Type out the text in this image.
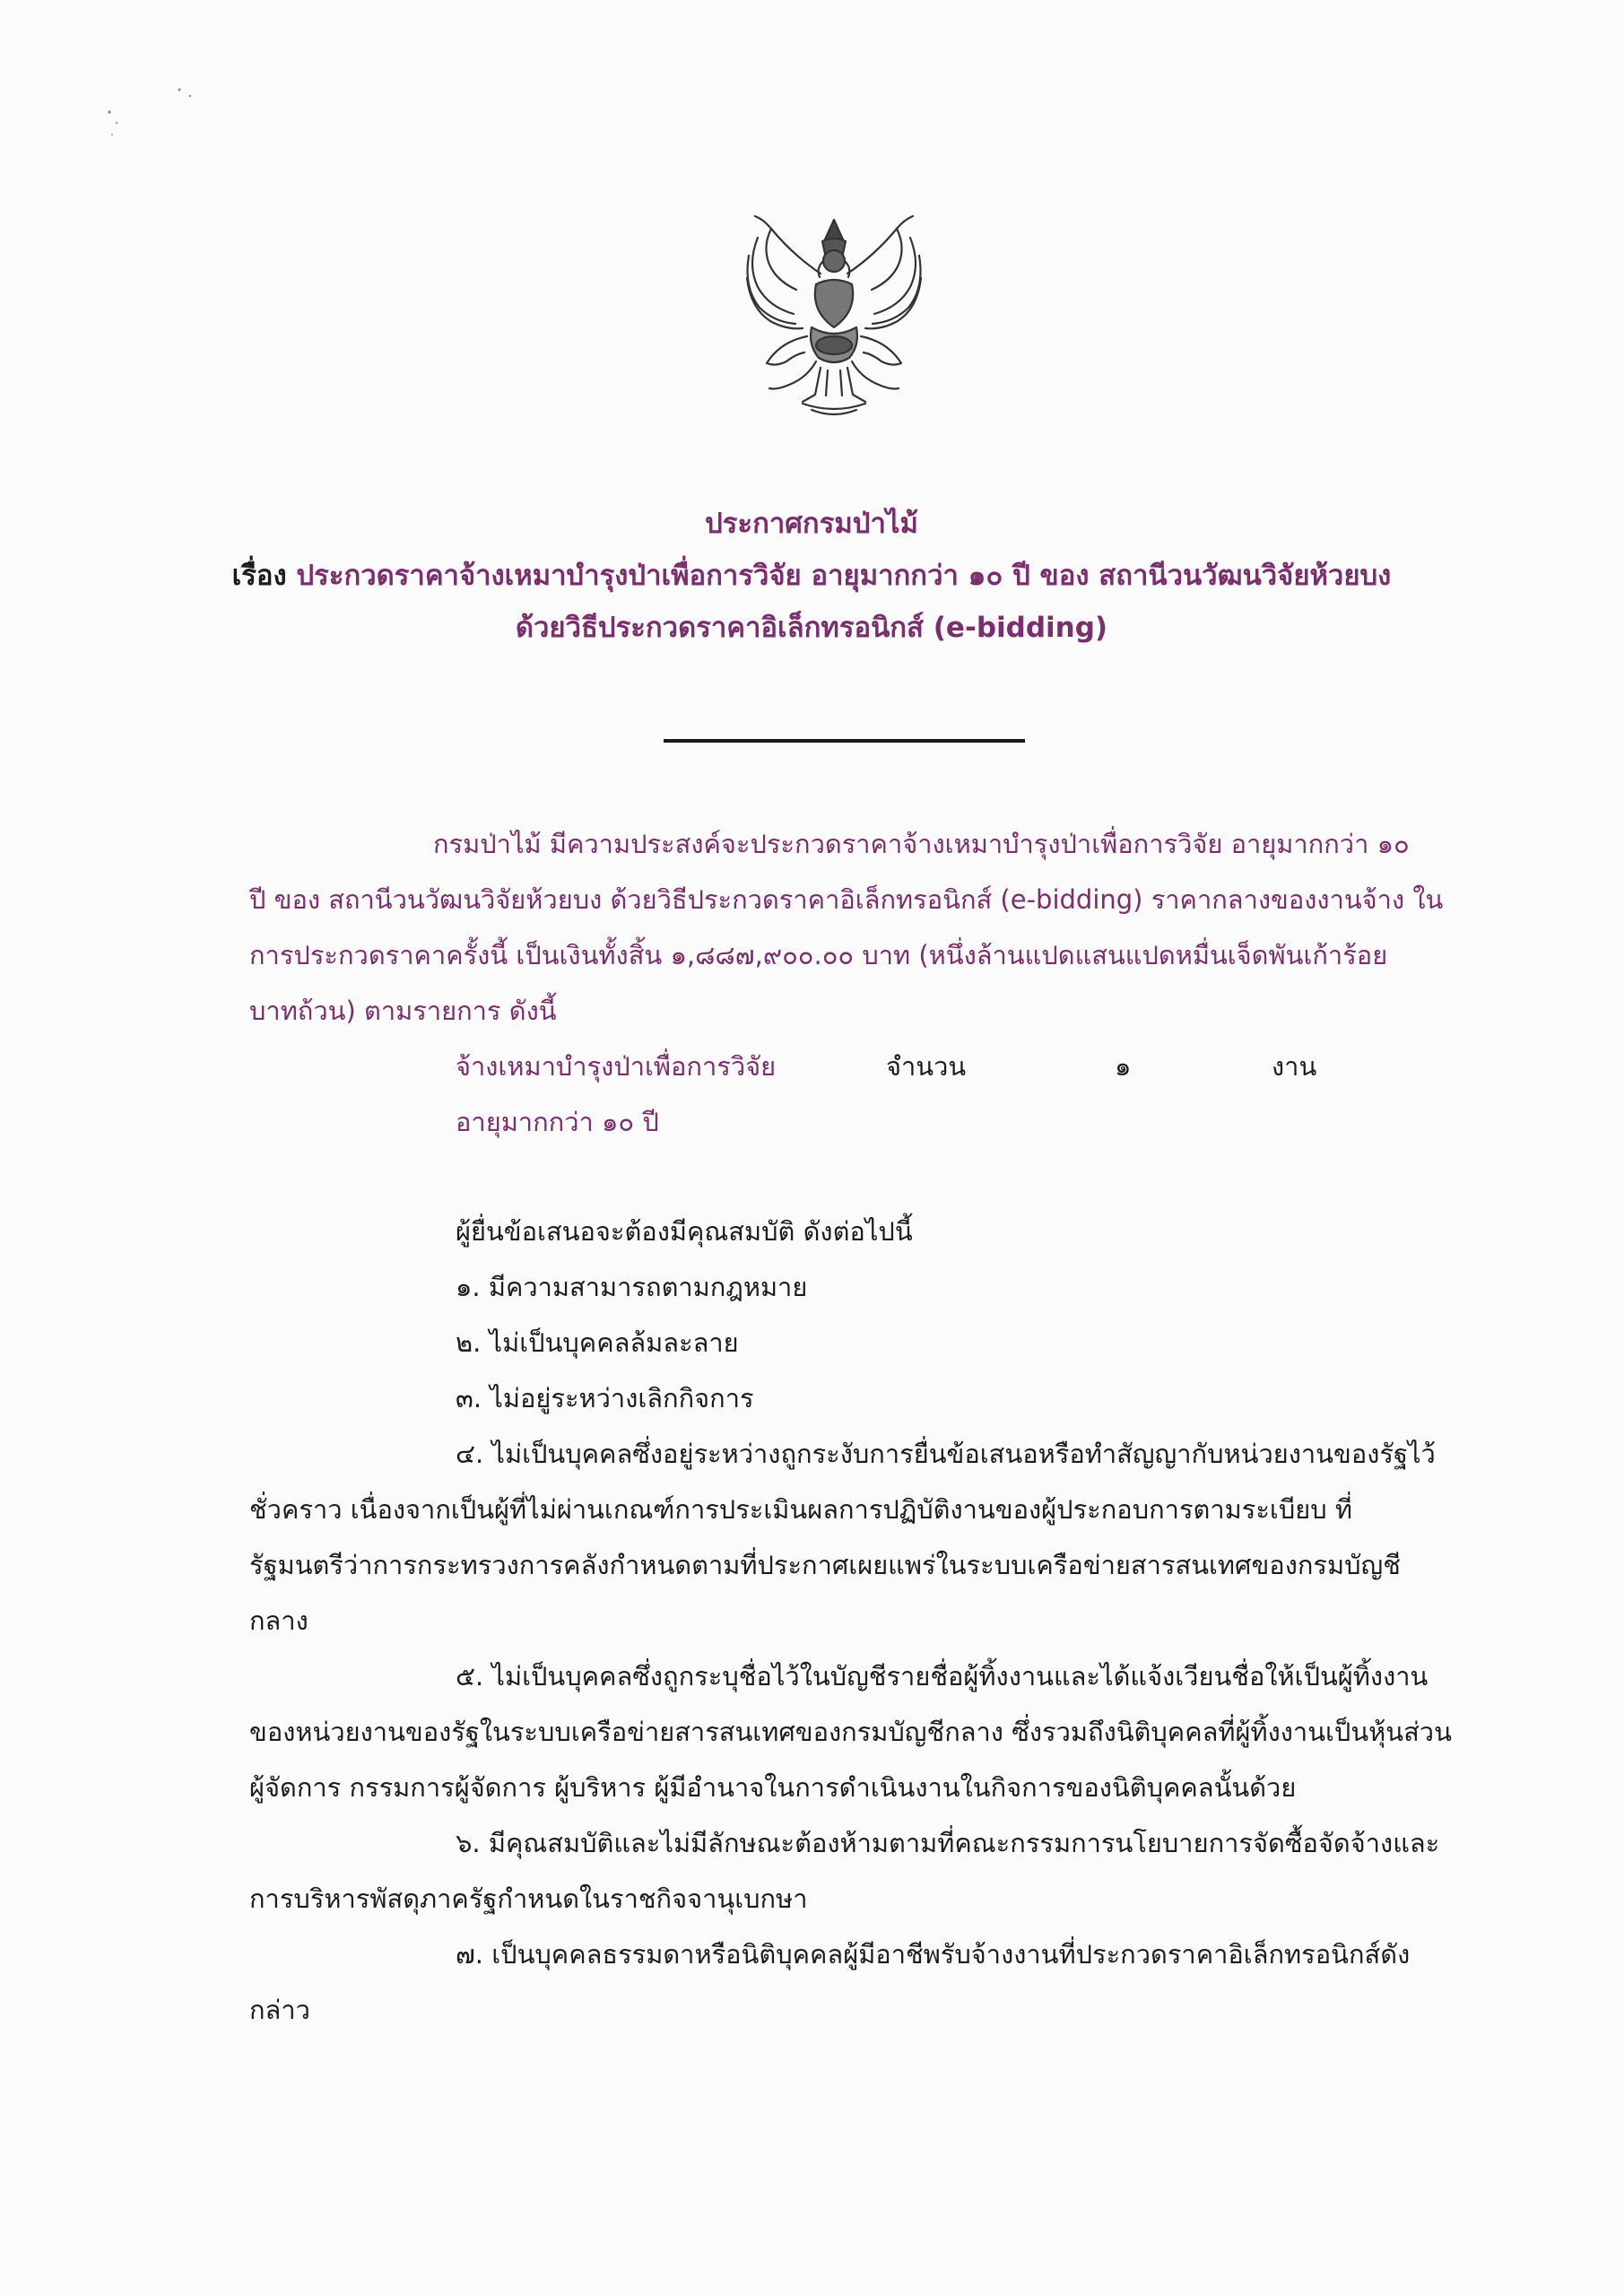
ประกาศกรมป่าไม้
เรื่อง ประกวดราคาจ้างเหมาบำรุงป่าเพื่อการวิจัย อายุมากกว่า ๑๐ ปี ของ สถานีวนวัฒนวิจัยห้วยบง
ด้วยวิธีประกวดราคาอิเล็กทรอนิกส์ (e-bidding)
กรมป่าไม้ มีความประสงค์จะประกวดราคาจ้างเหมาบำรุงป่าเพื่อการวิจัย อายุมากกว่า ๑๐
ปี ของ สถานีวนวัฒนวิจัยห้วยบง ด้วยวิธีประกวดราคาอิเล็กทรอนิกส์ (e-bidding) ราคากลางของงานจ้าง ใน
การประกวดราคาครั้งนี้ เป็นเงินทั้งสิ้น ๑,๘๘๗,๙๐๐.๐๐ บาท (หนึ่งล้านแปดแสนแปดหมื่นเจ็ดพันเก้าร้อย
บาทถ้วน) ตามรายการ ดังนี้
จ้างเหมาบำรุงป่าเพื่อการวิจัย	จำนวน	๑	งาน
อายุมากกว่า ๑๐ ปี
ผู้ยื่นข้อเสนอจะต้องมีคุณสมบัติ ดังต่อไปนี้
๑. มีความสามารถตามกฎหมาย
๒. ไม่เป็นบุคคลล้มละลาย
๓. ไม่อยู่ระหว่างเลิกกิจการ
๔. ไม่เป็นบุคคลซึ่งอยู่ระหว่างถูกระงับการยื่นข้อเสนอหรือทำสัญญากับหน่วยงานของรัฐไว้
ชั่วคราว เนื่องจากเป็นผู้ที่ไม่ผ่านเกณฑ์การประเมินผลการปฏิบัติงานของผู้ประกอบการตามระเบียบ ที่
รัฐมนตรีว่าการกระทรวงการคลังกำหนดตามที่ประกาศเผยแพร่ในระบบเครือข่ายสารสนเทศของกรมบัญชี
กลาง
๕. ไม่เป็นบุคคลซึ่งถูกระบุชื่อไว้ในบัญชีรายชื่อผู้ทิ้งงานและได้แจ้งเวียนชื่อให้เป็นผู้ทิ้งงาน
ของหน่วยงานของรัฐในระบบเครือข่ายสารสนเทศของกรมบัญชีกลาง ซึ่งรวมถึงนิติบุคคลที่ผู้ทิ้งงานเป็นหุ้นส่วน
ผู้จัดการ กรรมการผู้จัดการ ผู้บริหาร ผู้มีอำนาจในการดำเนินงานในกิจการของนิติบุคคลนั้นด้วย
๖. มีคุณสมบัติและไม่มีลักษณะต้องห้ามตามที่คณะกรรมการนโยบายการจัดซื้อจัดจ้างและ
การบริหารพัสดุภาครัฐกำหนดในราชกิจจานุเบกษา
๗. เป็นบุคคลธรรมดาหรือนิติบุคคลผู้มีอาชีพรับจ้างงานที่ประกวดราคาอิเล็กทรอนิกส์ดัง
กล่าว
